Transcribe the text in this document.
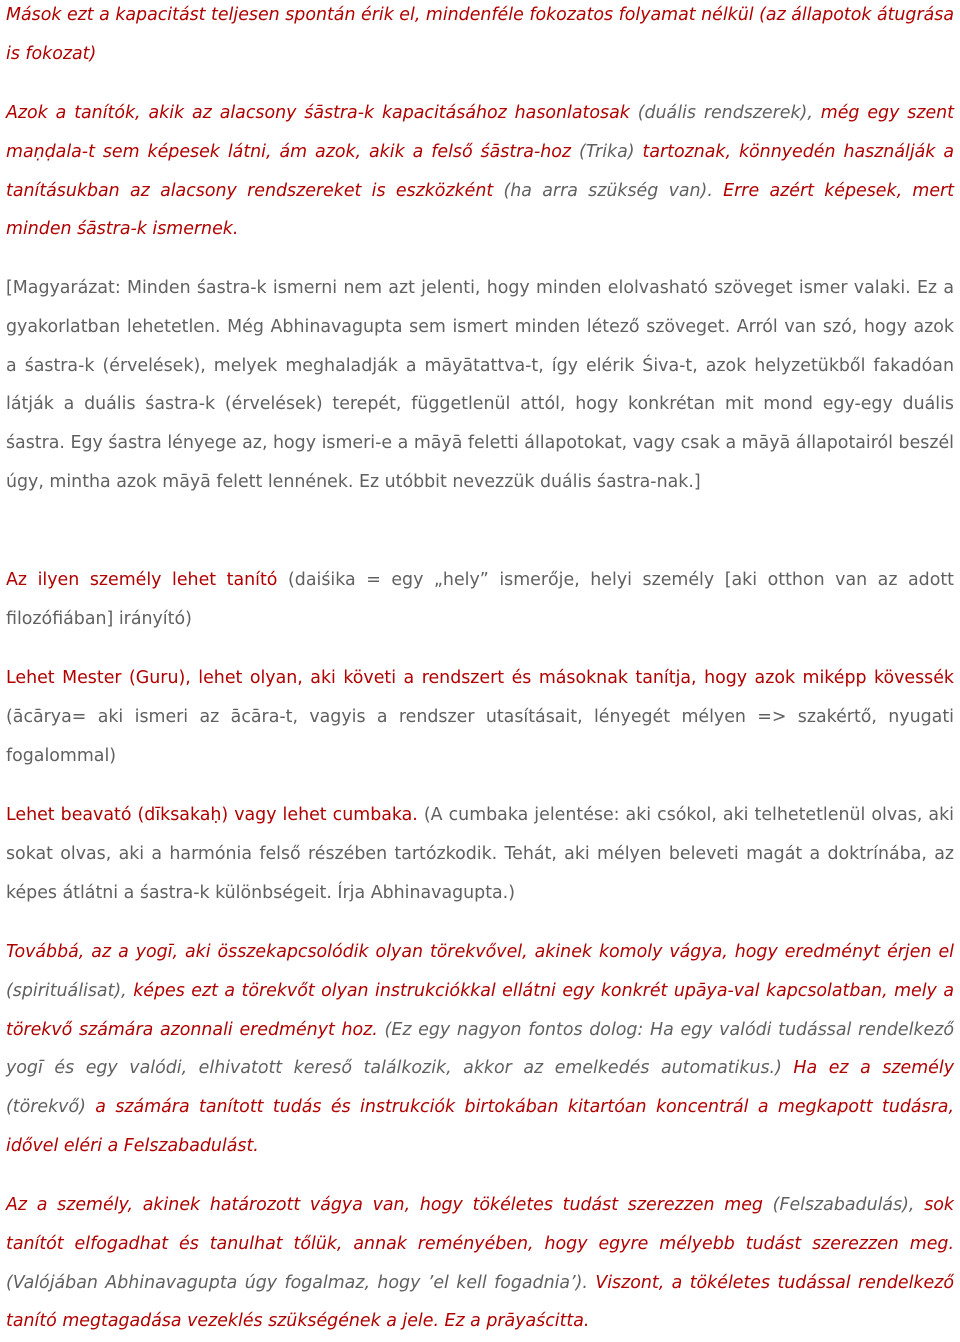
Mások ezt a kapacitást teljesen spontán érik el, mindenféle fokozatos folyamat nélkül (az állapotok átugrása is fokozat)

Azok a tanítók, akik az alacsony śāstra-k kapacitásához hasonlatosak (duális rendszerek), még egy szent maṇḍala-t sem képesek látni, ám azok, akik a felső śāstra-hoz (Trika) tartoznak, könnyedén használják a tanításukban az alacsony rendszereket is eszközként (ha arra szükség van). Erre azért képesek, mert minden śāstra-k ismernek.

[Magyarázat: Minden śastra-k ismerni nem azt jelenti, hogy minden elolvasható szöveget ismer valaki. Ez a gyakorlatban lehetetlen. Még Abhinavagupta sem ismert minden létező szöveget. Arról van szó, hogy azok a śastra-k (érvelések), melyek meghaladják a māyātattva-t, így elérik Śiva-t, azok helyzetükből fakadóan látják a duális śastra-k (érvelések) terepét, függetlenül attól, hogy konkrétan mit mond egy-egy duális śastra. Egy śastra lényege az, hogy ismeri-e a māyā feletti állapotokat, vagy csak a māyā állapotairól beszél úgy, mintha azok māyā felett lennének. Ez utóbbit nevezzük duális śastra-nak.]

Az ilyen személy lehet tanító (daiśika = egy „hely” ismerője, helyi személy [aki otthon van az adott filozófiában] irányító)

Lehet Mester (Guru), lehet olyan, aki követi a rendszert és másoknak tanítja, hogy azok miképp kövessék (ācārya= aki ismeri az ācāra-t, vagyis a rendszer utasításait, lényegét mélyen => szakértő, nyugati fogalommal)

Lehet beavató (dīksakaḥ) vagy lehet cumbaka. (A cumbaka jelentése: aki csókol, aki telhetetlenül olvas, aki sokat olvas, aki a harmónia felső részében tartózkodik. Tehát, aki mélyen beleveti magát a doktrínába, az képes átlátni a śastra-k különbségeit. Írja Abhinavagupta.)

Továbbá, az a yogī, aki összekapcsolódik olyan törekvővel, akinek komoly vágya, hogy eredményt érjen el (spirituálisat), képes ezt a törekvőt olyan instrukciókkal ellátni egy konkrét upāya-val kapcsolatban, mely a törekvő számára azonnali eredményt hoz. (Ez egy nagyon fontos dolog: Ha egy valódi tudással rendelkező yogī és egy valódi, elhivatott kereső találkozik, akkor az emelkedés automatikus.) Ha ez a személy (törekvő) a számára tanított tudás és instrukciók birtokában kitartóan koncentrál a megkapott tudásra, idővel eléri a Felszabadulást.

Az a személy, akinek határozott vágya van, hogy tökéletes tudást szerezzen meg (Felszabadulás), sok tanítót elfogadhat és tanulhat tőlük, annak reményében, hogy egyre mélyebb tudást szerezzen meg. (Valójában Abhinavagupta úgy fogalmaz, hogy ’el kell fogadnia’). Viszont, a tökéletes tudással rendelkező tanító megtagadása vezeklés szükségének a jele. Ez a prāyaścitta.
